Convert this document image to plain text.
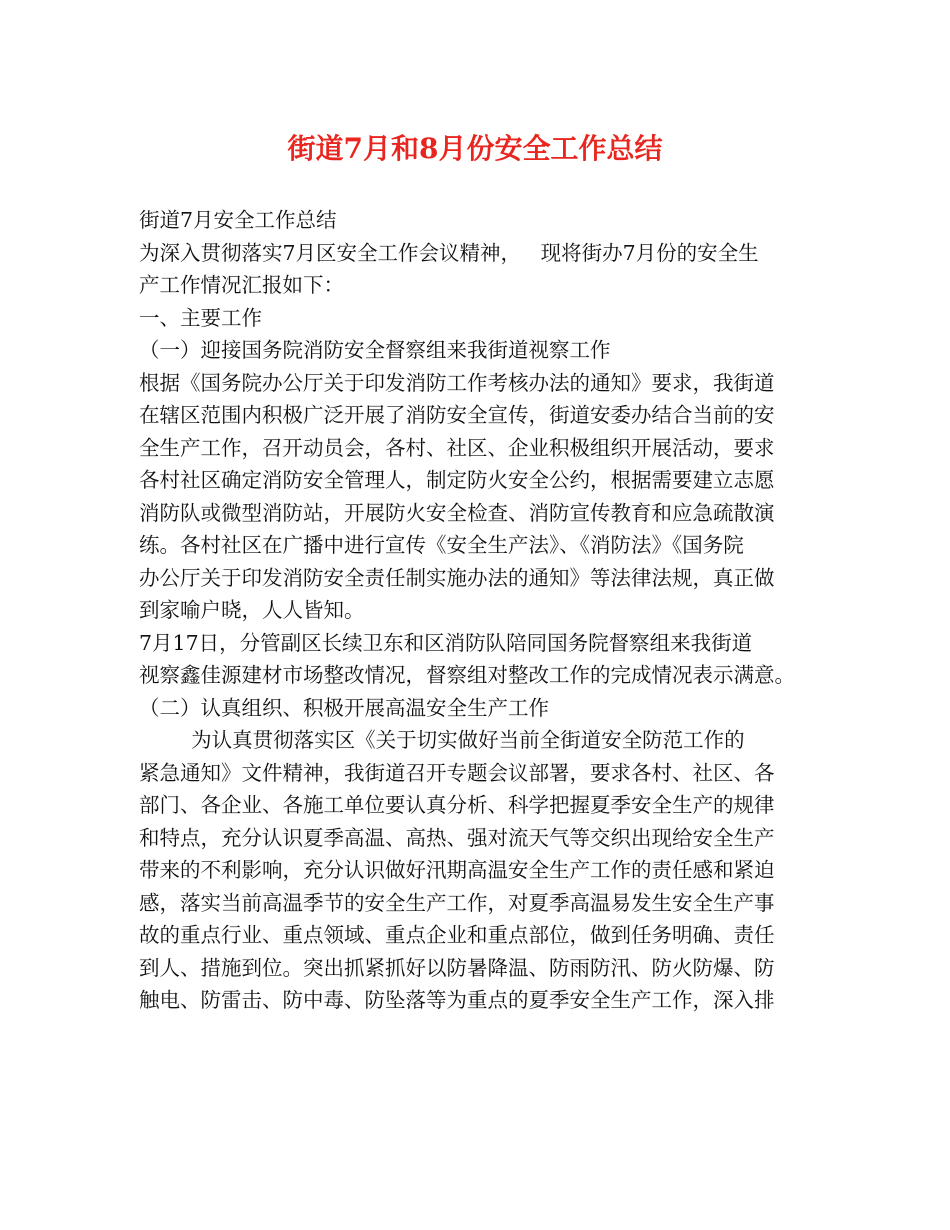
街道7月和8月份安全工作总结
街道7月安全工作总结
为深入贯彻落实7月区安全工作会议精神，   现将街办7月份的安全生
产工作情况汇报如下：
一、主要工作
（一）迎接国务院消防安全督察组来我街道视察工作
根据《国务院办公厅关于印发消防工作考核办法的通知》要求，我街道
在辖区范围内积极广泛开展了消防安全宣传，街道安委办结合当前的安
全生产工作，召开动员会，各村、社区、企业积极组织开展活动，要求
各村社区确定消防安全管理人，制定防火安全公约，根据需要建立志愿
消防队或微型消防站，开展防火安全检查、消防宣传教育和应急疏散演
练。各村社区在广播中进行宣传《安全生产法》、《消防法》《国务院
办公厅关于印发消防安全责任制实施办法的通知》等法律法规，真正做
到家喻户晓，人人皆知。
7月17日，分管副区长续卫东和区消防队陪同国务院督察组来我街道
视察鑫佳源建材市场整改情况，督察组对整改工作的完成情况表示满意。
（二）认真组织、积极开展高温安全生产工作
为认真贯彻落实区《关于切实做好当前全街道安全防范工作的
紧急通知》文件精神，我街道召开专题会议部署，要求各村、社区、各
部门、各企业、各施工单位要认真分析、科学把握夏季安全生产的规律
和特点，充分认识夏季高温、高热、强对流天气等交织出现给安全生产
带来的不利影响，充分认识做好汛期高温安全生产工作的责任感和紧迫
感，落实当前高温季节的安全生产工作，对夏季高温易发生安全生产事
故的重点行业、重点领域、重点企业和重点部位，做到任务明确、责任
到人、措施到位。突出抓紧抓好以防暑降温、防雨防汛、防火防爆、防
触电、防雷击、防中毒、防坠落等为重点的夏季安全生产工作，深入排
